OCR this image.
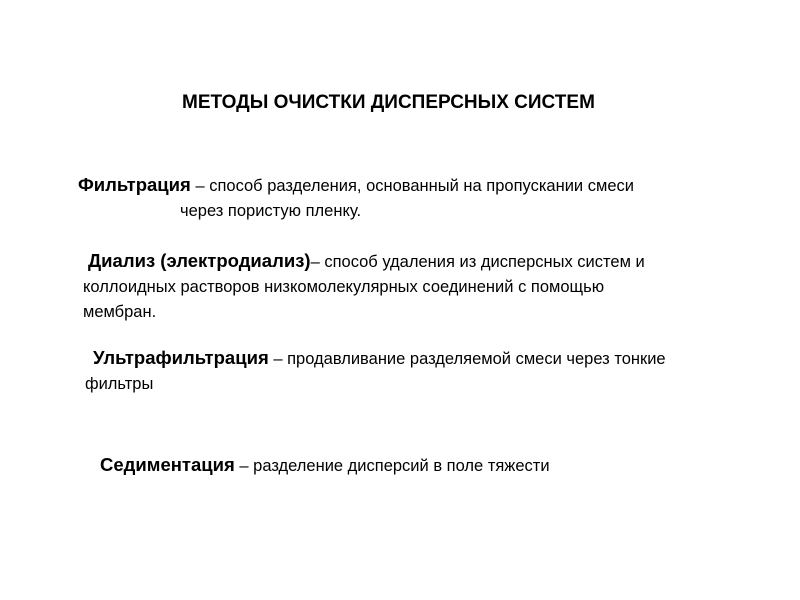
МЕТОДЫ ОЧИСТКИ ДИСПЕРСНЫХ СИСТЕМ
Фильтрация – способ разделения, основанный на пропускании смеси
через пористую пленку.
Диализ (электродиализ)– способ удаления из дисперсных систем и
коллоидных растворов низкомолекулярных соединений с помощью
мембран.
Ультрафильтрация – продавливание разделяемой смеси через тонкие
фильтры
Седиментация – разделение дисперсий в поле тяжести
